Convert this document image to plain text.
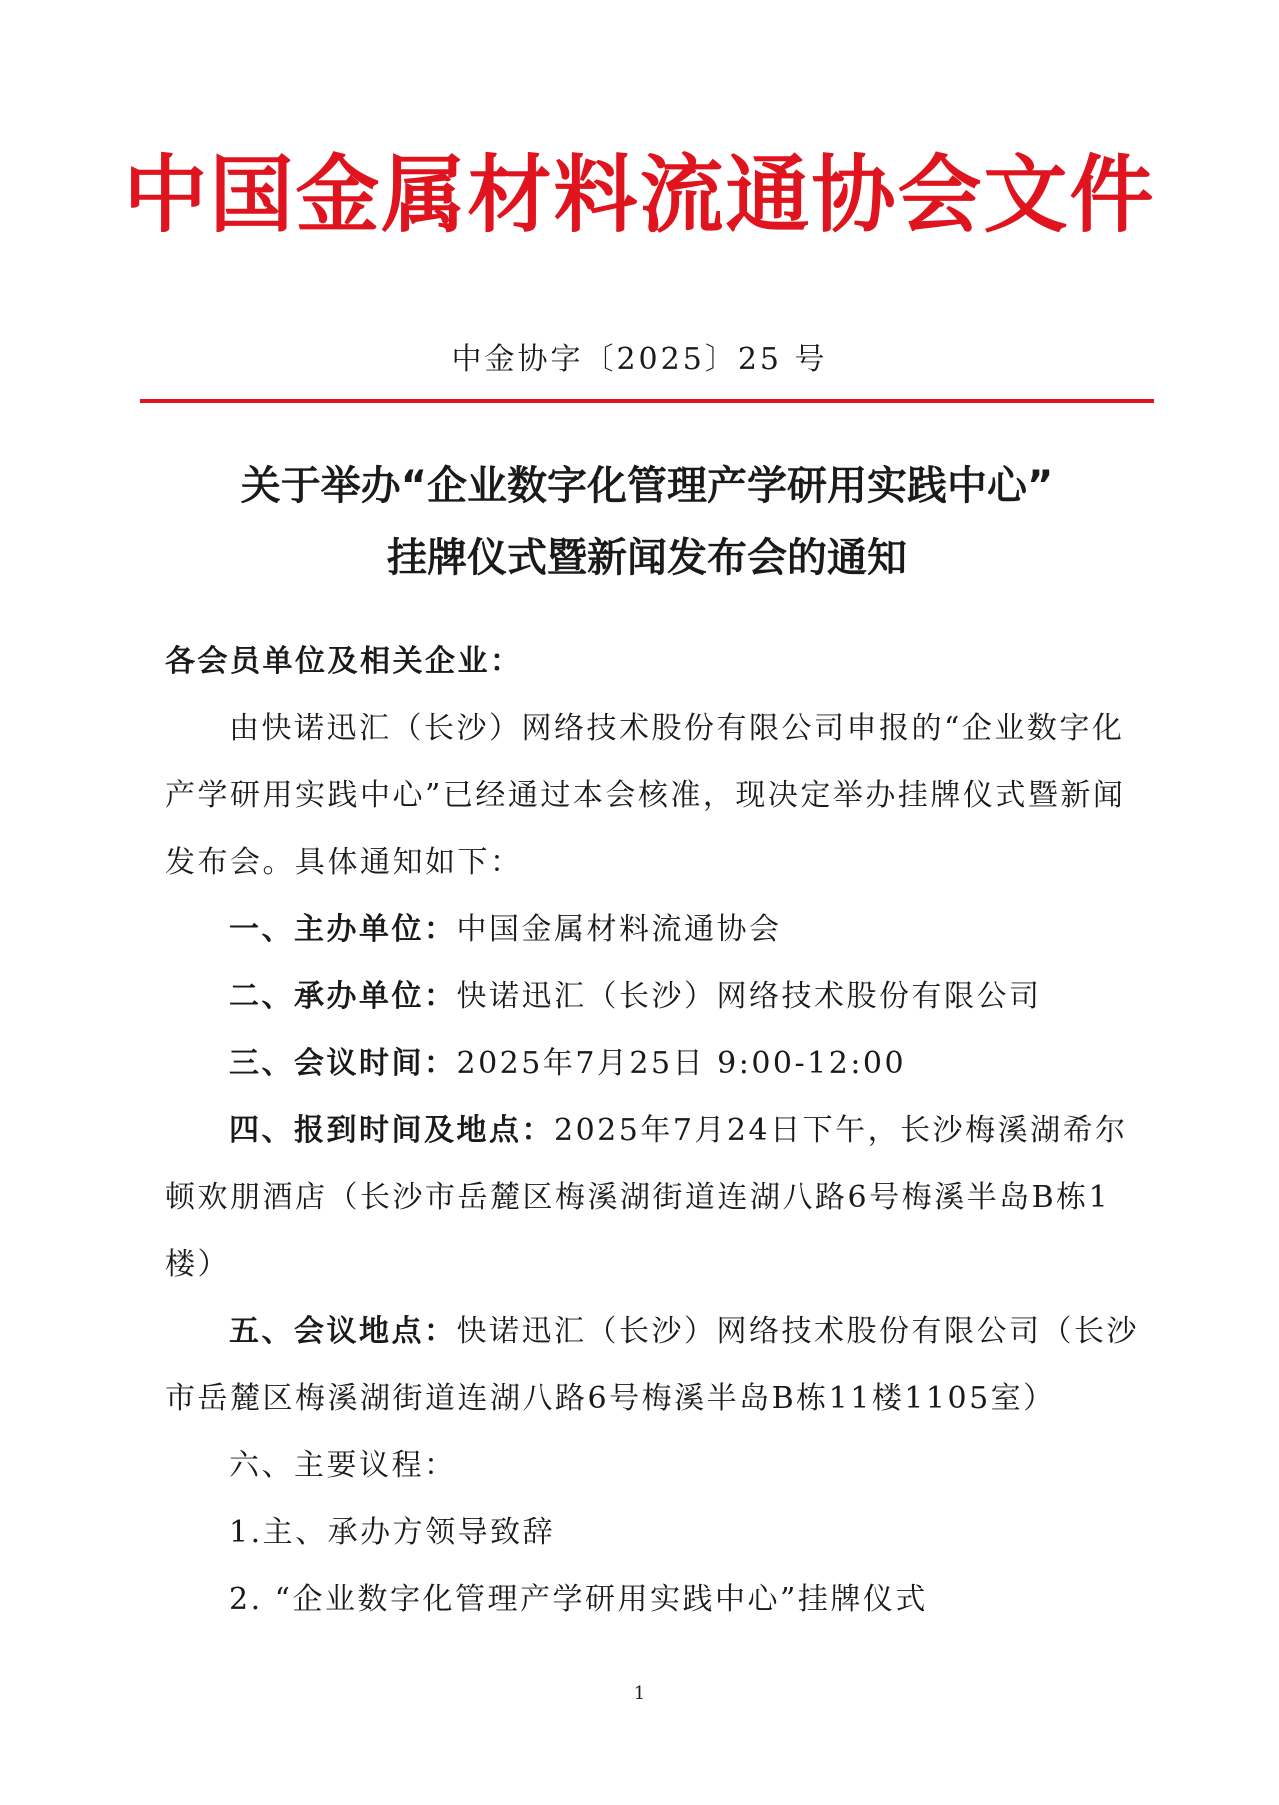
中国金属材料流通协会文件
中金协字〔2025〕25 号
关于举办“企业数字化管理产学研用实践中心”
挂牌仪式暨新闻发布会的通知

各会员单位及相关企业：

由快诺迅汇（长沙）网络技术股份有限公司申报的“企业数字化产学研用实践中心”已经通过本会核准，现决定举办挂牌仪式暨新闻发布会。具体通知如下：

一、主办单位：中国金属材料流通协会

二、承办单位：快诺迅汇（长沙）网络技术股份有限公司

三、会议时间：2025年7月25日 9:00-12:00

四、报到时间及地点：2025年7月24日下午，长沙梅溪湖希尔顿欢朋酒店（长沙市岳麓区梅溪湖街道连湖八路6号梅溪半岛B栋1楼）

五、会议地点：快诺迅汇（长沙）网络技术股份有限公司（长沙市岳麓区梅溪湖街道连湖八路6号梅溪半岛B栋11楼1105室）

六、主要议程：

1.主、承办方领导致辞

2. “企业数字化管理产学研用实践中心”挂牌仪式

1
